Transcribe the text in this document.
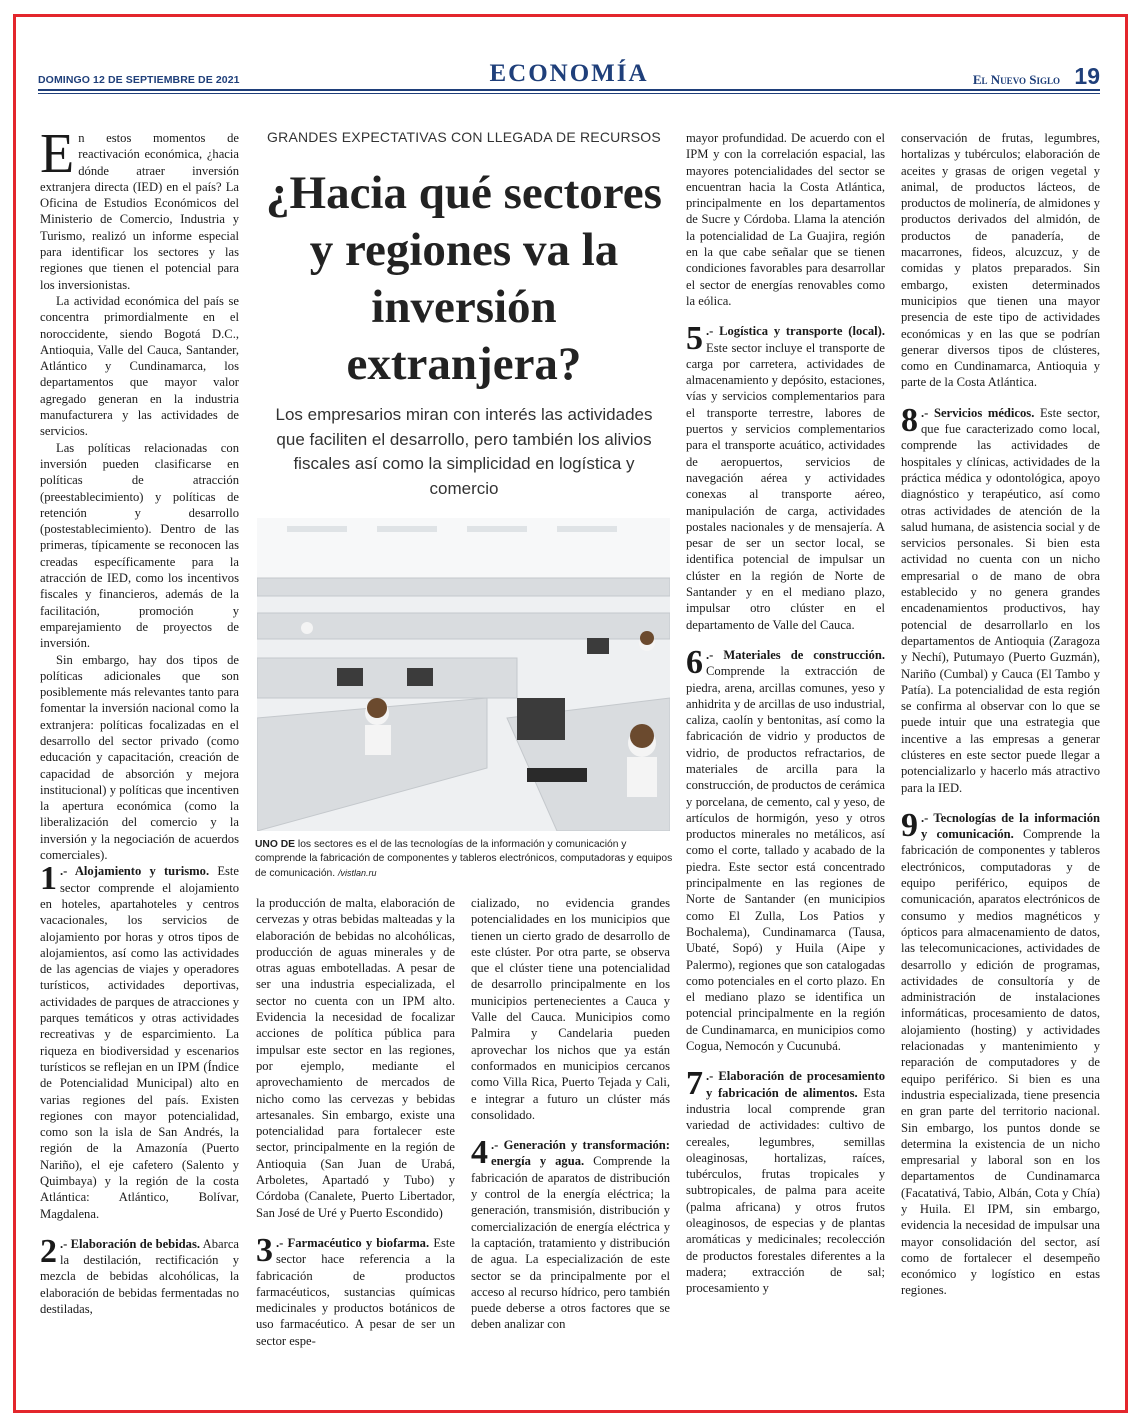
DOMINGO 12 DE SEPTIEMBRE DE 2021	ECONOMÍA	El Nuevo Siglo 19

En estos momentos de reactivación económica, ¿hacia dónde atraer inversión extranjera directa (IED) en el país? La Oficina de Estudios Económicos del Ministerio de Comercio, Industria y Turismo, realizó un informe especial para identificar los sectores y las regiones que tienen el potencial para los inversionistas.

La actividad económica del país se concentra primordialmente en el noroccidente, siendo Bogotá D.C., Antioquia, Valle del Cauca, Santander, Atlántico y Cundinamarca, los departamentos que mayor valor agregado generan en la industria manufacturera y las actividades de servicios.

Las políticas relacionadas con inversión pueden clasificarse en políticas de atracción (preestablecimiento) y políticas de retención y desarrollo (postestablecimiento). Dentro de las primeras, típicamente se reconocen las creadas específicamente para la atracción de IED, como los incentivos fiscales y financieros, además de la facilitación, promoción y emparejamiento de proyectos de inversión.

Sin embargo, hay dos tipos de políticas adicionales que son posiblemente más relevantes tanto para fomentar la inversión nacional como la extranjera: políticas focalizadas en el desarrollo del sector privado (como educación y capacitación, creación de capacidad de absorción y mejora institucional) y políticas que incentiven la apertura económica (como la liberalización del comercio y la inversión y la negociación de acuerdos comerciales).

1 .- Alojamiento y turismo. Este sector comprende el alojamiento en hoteles, apartahoteles y centros vacacionales, los servicios de alojamiento por horas y otros tipos de alojamientos, así como las actividades de las agencias de viajes y operadores turísticos, actividades deportivas, actividades de parques de atracciones y parques temáticos y otras actividades recreativas y de esparcimiento. La riqueza en biodiversidad y escenarios turísticos se reflejan en un IPM (Índice de Potencialidad Municipal) alto en varias regiones del país. Existen regiones con mayor potencialidad, como son la isla de San Andrés, la región de la Amazonía (Puerto Nariño), el eje cafetero (Salento y Quimbaya) y la región de la costa Atlántica: Atlántico, Bolívar, Magdalena.

2 .- Elaboración de bebidas. Abarca la destilación, rectificación y mezcla de bebidas alcohólicas, la elaboración de bebidas fermentadas no destiladas,

GRANDES EXPECTATIVAS CON LLEGADA DE RECURSOS
¿Hacia qué sectores y regiones va la inversión extranjera?
Los empresarios miran con interés las actividades que faciliten el desarrollo, pero también los alivios fiscales así como la simplicidad en logística y comercio
UNO DE los sectores es el de las tecnologías de la información y comunicación y comprende la fabricación de componentes y tableros electrónicos, computadoras y equipos de comunicación. /vistlan.ru

la producción de malta, elaboración de cervezas y otras bebidas malteadas y la elaboración de bebidas no alcohólicas, producción de aguas minerales y de otras aguas embotelladas. A pesar de ser una industria especializada, el sector no cuenta con un IPM alto. Evidencia la necesidad de focalizar acciones de política pública para impulsar este sector en las regiones, por ejemplo, mediante el aprovechamiento de mercados de nicho como las cervezas y bebidas artesanales. Sin embargo, existe una potencialidad para fortalecer este sector, principalmente en la región de Antioquia (San Juan de Urabá, Arboletes, Apartadó y Tubo) y Córdoba (Canalete, Puerto Libertador, San José de Uré y Puerto Escondido)

3 .- Farmacéutico y biofarma. Este sector hace referencia a la fabricación de productos farmacéuticos, sustancias químicas medicinales y productos botánicos de uso farmacéutico. A pesar de ser un sector espe-

cializado, no evidencia grandes potencialidades en los municipios que tienen un cierto grado de desarrollo de este clúster. Por otra parte, se observa que el clúster tiene una potencialidad de desarrollo principalmente en los municipios pertenecientes a Cauca y Valle del Cauca. Municipios como Palmira y Candelaria pueden aprovechar los nichos que ya están conformados en municipios cercanos como Villa Rica, Puerto Tejada y Cali, e integrar a futuro un clúster más consolidado.

4 .- Generación y transformación: energía y agua. Comprende la fabricación de aparatos de distribución y control de la energía eléctrica; la generación, transmisión, distribución y comercialización de energía eléctrica y la captación, tratamiento y distribución de agua. La especialización de este sector se da principalmente por el acceso al recurso hídrico, pero también puede deberse a otros factores que se deben analizar con

mayor profundidad. De acuerdo con el IPM y con la correlación espacial, las mayores potencialidades del sector se encuentran hacia la Costa Atlántica, principalmente en los departamentos de Sucre y Córdoba. Llama la atención la potencialidad de La Guajira, región en la que cabe señalar que se tienen condiciones favorables para desarrollar el sector de energías renovables como la eólica.

5 .- Logística y transporte (local). Este sector incluye el transporte de carga por carretera, actividades de almacenamiento y depósito, estaciones, vías y servicios complementarios para el transporte terrestre, labores de puertos y servicios complementarios para el transporte acuático, actividades de aeropuertos, servicios de navegación aérea y actividades conexas al transporte aéreo, manipulación de carga, actividades postales nacionales y de mensajería. A pesar de ser un sector local, se identifica potencial de impulsar un clúster en la región de Norte de Santander y en el mediano plazo, impulsar otro clúster en el departamento de Valle del Cauca.

6 .- Materiales de construcción. Comprende la extracción de piedra, arena, arcillas comunes, yeso y anhidrita y de arcillas de uso industrial, caliza, caolín y bentonitas, así como la fabricación de vidrio y productos de vidrio, de productos refractarios, de materiales de arcilla para la construcción, de productos de cerámica y porcelana, de cemento, cal y yeso, de artículos de hormigón, yeso y otros productos minerales no metálicos, así como el corte, tallado y acabado de la piedra. Este sector está concentrado principalmente en las regiones de Norte de Santander (en municipios como El Zulla, Los Patios y Bochalema), Cundinamarca (Tausa, Ubaté, Sopó) y Huila (Aipe y Palermo), regiones que son catalogadas como potenciales en el corto plazo. En el mediano plazo se identifica un potencial principalmente en la región de Cundinamarca, en municipios como Cogua, Nemocón y Cucunubá.

7 .- Elaboración de procesamiento y fabricación de alimentos. Esta industria local comprende gran variedad de actividades: cultivo de cereales, legumbres, semillas oleaginosas, hortalizas, raíces, tubérculos, frutas tropicales y subtropicales, de palma para aceite (palma africana) y otros frutos oleaginosos, de especias y de plantas aromáticas y medicinales; recolección de productos forestales diferentes a la madera; extracción de sal; procesamiento y

conservación de frutas, legumbres, hortalizas y tubérculos; elaboración de aceites y grasas de origen vegetal y animal, de productos lácteos, de productos de molinería, de almidones y productos derivados del almidón, de productos de panadería, de macarrones, fideos, alcuzcuz, y de comidas y platos preparados. Sin embargo, existen determinados municipios que tienen una mayor presencia de este tipo de actividades económicas y en las que se podrían generar diversos tipos de clústeres, como en Cundinamarca, Antioquia y parte de la Costa Atlántica.

8 .- Servicios médicos. Este sector, que fue caracterizado como local, comprende las actividades de hospitales y clínicas, actividades de la práctica médica y odontológica, apoyo diagnóstico y terapéutico, así como otras actividades de atención de la salud humana, de asistencia social y de servicios personales. Si bien esta actividad no cuenta con un nicho empresarial o de mano de obra establecido y no genera grandes encadenamientos productivos, hay potencial de desarrollarlo en los departamentos de Antioquia (Zaragoza y Nechí), Putumayo (Puerto Guzmán), Nariño (Cumbal) y Cauca (El Tambo y Patía). La potencialidad de esta región se confirma al observar con lo que se puede intuir que una estrategia que incentive a las empresas a generar clústeres en este sector puede llegar a potencializarlo y hacerlo más atractivo para la IED.

9 .- Tecnologías de la información y comunicación. Comprende la fabricación de componentes y tableros electrónicos, computadoras y de equipo periférico, equipos de comunicación, aparatos electrónicos de consumo y medios magnéticos y ópticos para almacenamiento de datos, las telecomunicaciones, actividades de desarrollo y edición de programas, actividades de consultoría y de administración de instalaciones informáticas, procesamiento de datos, alojamiento (hosting) y actividades relacionadas y mantenimiento y reparación de computadores y de equipo periférico. Si bien es una industria especializada, tiene presencia en gran parte del territorio nacional. Sin embargo, los puntos donde se determina la existencia de un nicho empresarial y laboral son en los departamentos de Cundinamarca (Facatativá, Tabio, Albán, Cota y Chía) y Huila. El IPM, sin embargo, evidencia la necesidad de impulsar una mayor consolidación del sector, así como de fortalecer el desempeño económico y logístico en estas regiones.
